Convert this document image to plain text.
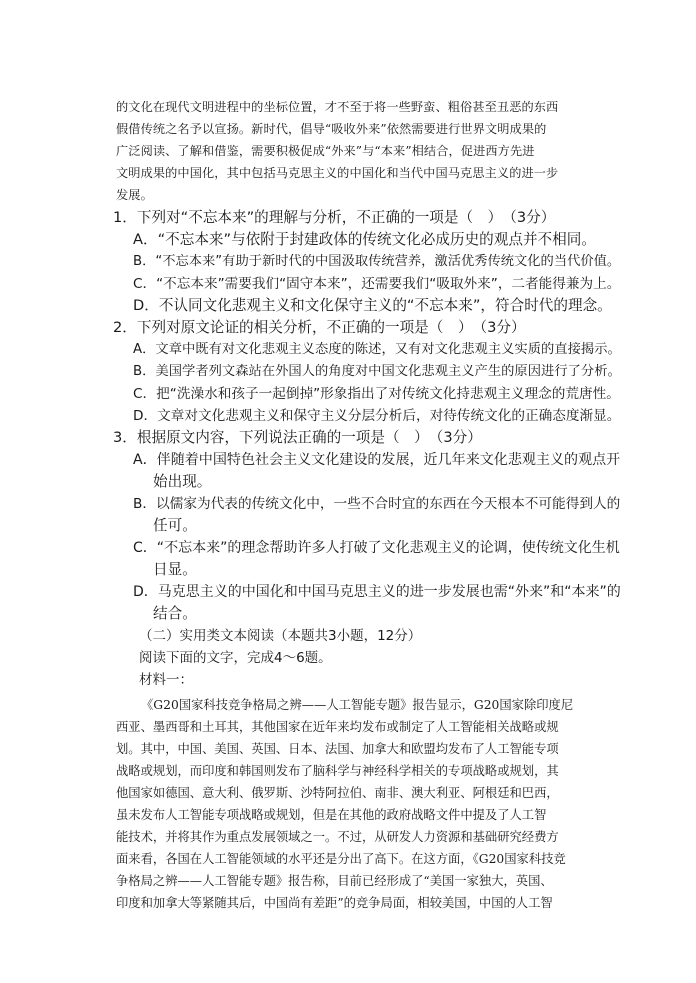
的文化在现代文明进程中的坐标位置，才不至于将一些野蛮、粗俗甚至丑恶的东西
假借传统之名予以宣扬。新时代，倡导“吸收外来”依然需要进行世界文明成果的
广泛阅读、了解和借鉴，需要积极促成“外来”与“本来”相结合，促进西方先进
文明成果的中国化，其中包括马克思主义的中国化和当代中国马克思主义的进一步
发展。
1．下列对“不忘本来”的理解与分析，不正确的一项是（　）　（3分）
A．“不忘本来”与依附于封建政体的传统文化必成历史的观点并不相同。
B．“不忘本来”有助于新时代的中国汲取传统营养，激活优秀传统文化的当代价值。
C．“不忘本来”需要我们“固守本来”，还需要我们“吸取外来”，二者能得兼为上。
D．不认同文化悲观主义和文化保守主义的“不忘本来”，符合时代的理念。
2．下列对原文论证的相关分析，不正确的一项是（　）　（3分）
A．文章中既有对文化悲观主义态度的陈述，又有对文化悲观主义实质的直接揭示。
B．美国学者列文森站在外国人的角度对中国文化悲观主义产生的原因进行了分析。
C．把“洗澡水和孩子一起倒掉”形象指出了对传统文化持悲观主义理念的荒唐性。
D．文章对文化悲观主义和保守主义分层分析后，对待传统文化的正确态度渐显。
3．根据原文内容，下列说法正确的一项是（　）　（3分）
A．伴随着中国特色社会主义文化建设的发展，近几年来文化悲观主义的观点开
始出现。
B．以儒家为代表的传统文化中，一些不合时宜的东西在今天根本不可能得到人的
任可。
C．“不忘本来”的理念帮助许多人打破了文化悲观主义的论调，使传统文化生机
日显。
D．马克思主义的中国化和中国马克思主义的进一步发展也需“外来”和“本来”的
结合。
（二）实用类文本阅读（本题共3小题，12分）
阅读下面的文字，完成4～6题。
材料一：
《G20国家科技竞争格局之辨——人工智能专题》报告显示，G20国家除印度尼
西亚、墨西哥和土耳其，其他国家在近年来均发布或制定了人工智能相关战略或规
划。其中，中国、美国、英国、日本、法国、加拿大和欧盟均发布了人工智能专项
战略或规划，而印度和韩国则发布了脑科学与神经科学相关的专项战略或规划，其
他国家如德国、意大利、俄罗斯、沙特阿拉伯、南非、澳大利亚、阿根廷和巴西，
虽未发布人工智能专项战略或规划，但是在其他的政府战略文件中提及了人工智
能技术，并将其作为重点发展领域之一。不过，从研发人力资源和基础研究经费方
面来看，各国在人工智能领域的水平还是分出了高下。在这方面，《G20国家科技竞
争格局之辨——人工智能专题》报告称，目前已经形成了“美国一家独大，英国、
印度和加拿大等紧随其后，中国尚有差距”的竞争局面，相较美国，中国的人工智
